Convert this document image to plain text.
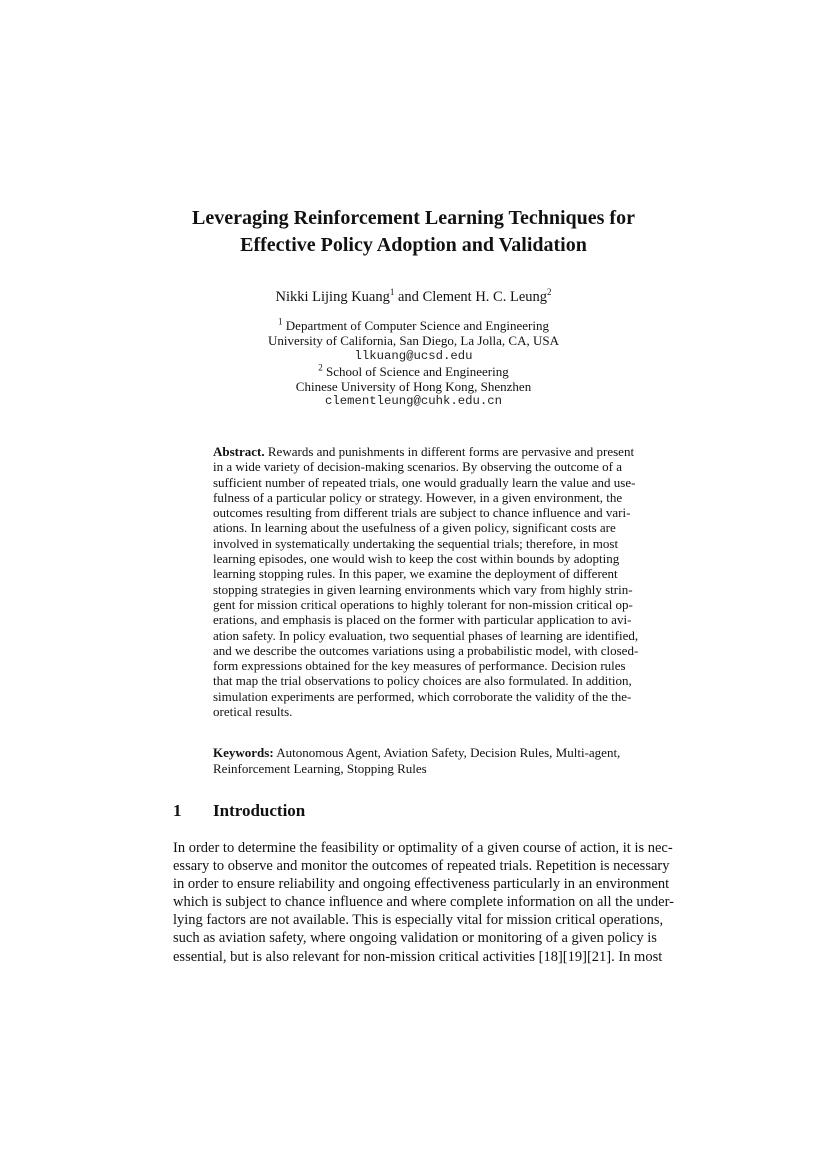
Leveraging Reinforcement Learning Techniques for
Effective Policy Adoption and Validation
Nikki Lijing Kuang$^1$ and Clement H. C. Leung$^2$
$^1$ Department of Computer Science and Engineering
University of California, San Diego, La Jolla, CA, USA
llkuang@ucsd.edu
$^2$ School of Science and Engineering
Chinese University of Hong Kong, Shenzhen
clementleung@cuhk.edu.cn
Abstract. Rewards and punishments in different forms are pervasive and present
in a wide variety of decision-making scenarios. By observing the outcome of a
sufficient number of repeated trials, one would gradually learn the value and use-
fulness of a particular policy or strategy. However, in a given environment, the
outcomes resulting from different trials are subject to chance influence and vari-
ations. In learning about the usefulness of a given policy, significant costs are
involved in systematically undertaking the sequential trials; therefore, in most
learning episodes, one would wish to keep the cost within bounds by adopting
learning stopping rules. In this paper, we examine the deployment of different
stopping strategies in given learning environments which vary from highly strin-
gent for mission critical operations to highly tolerant for non-mission critical op-
erations, and emphasis is placed on the former with particular application to avi-
ation safety. In policy evaluation, two sequential phases of learning are identified,
and we describe the outcomes variations using a probabilistic model, with closed-
form expressions obtained for the key measures of performance. Decision rules
that map the trial observations to policy choices are also formulated. In addition,
simulation experiments are performed, which corroborate the validity of the the-
oretical results.
Keywords: Autonomous Agent, Aviation Safety, Decision Rules, Multi-agent,
Reinforcement Learning, Stopping Rules
1 Introduction
In order to determine the feasibility or optimality of a given course of action, it is nec-
essary to observe and monitor the outcomes of repeated trials. Repetition is necessary
in order to ensure reliability and ongoing effectiveness particularly in an environment
which is subject to chance influence and where complete information on all the under-
lying factors are not available. This is especially vital for mission critical operations,
such as aviation safety, where ongoing validation or monitoring of a given policy is
essential, but is also relevant for non-mission critical activities [18][19][21]. In most
